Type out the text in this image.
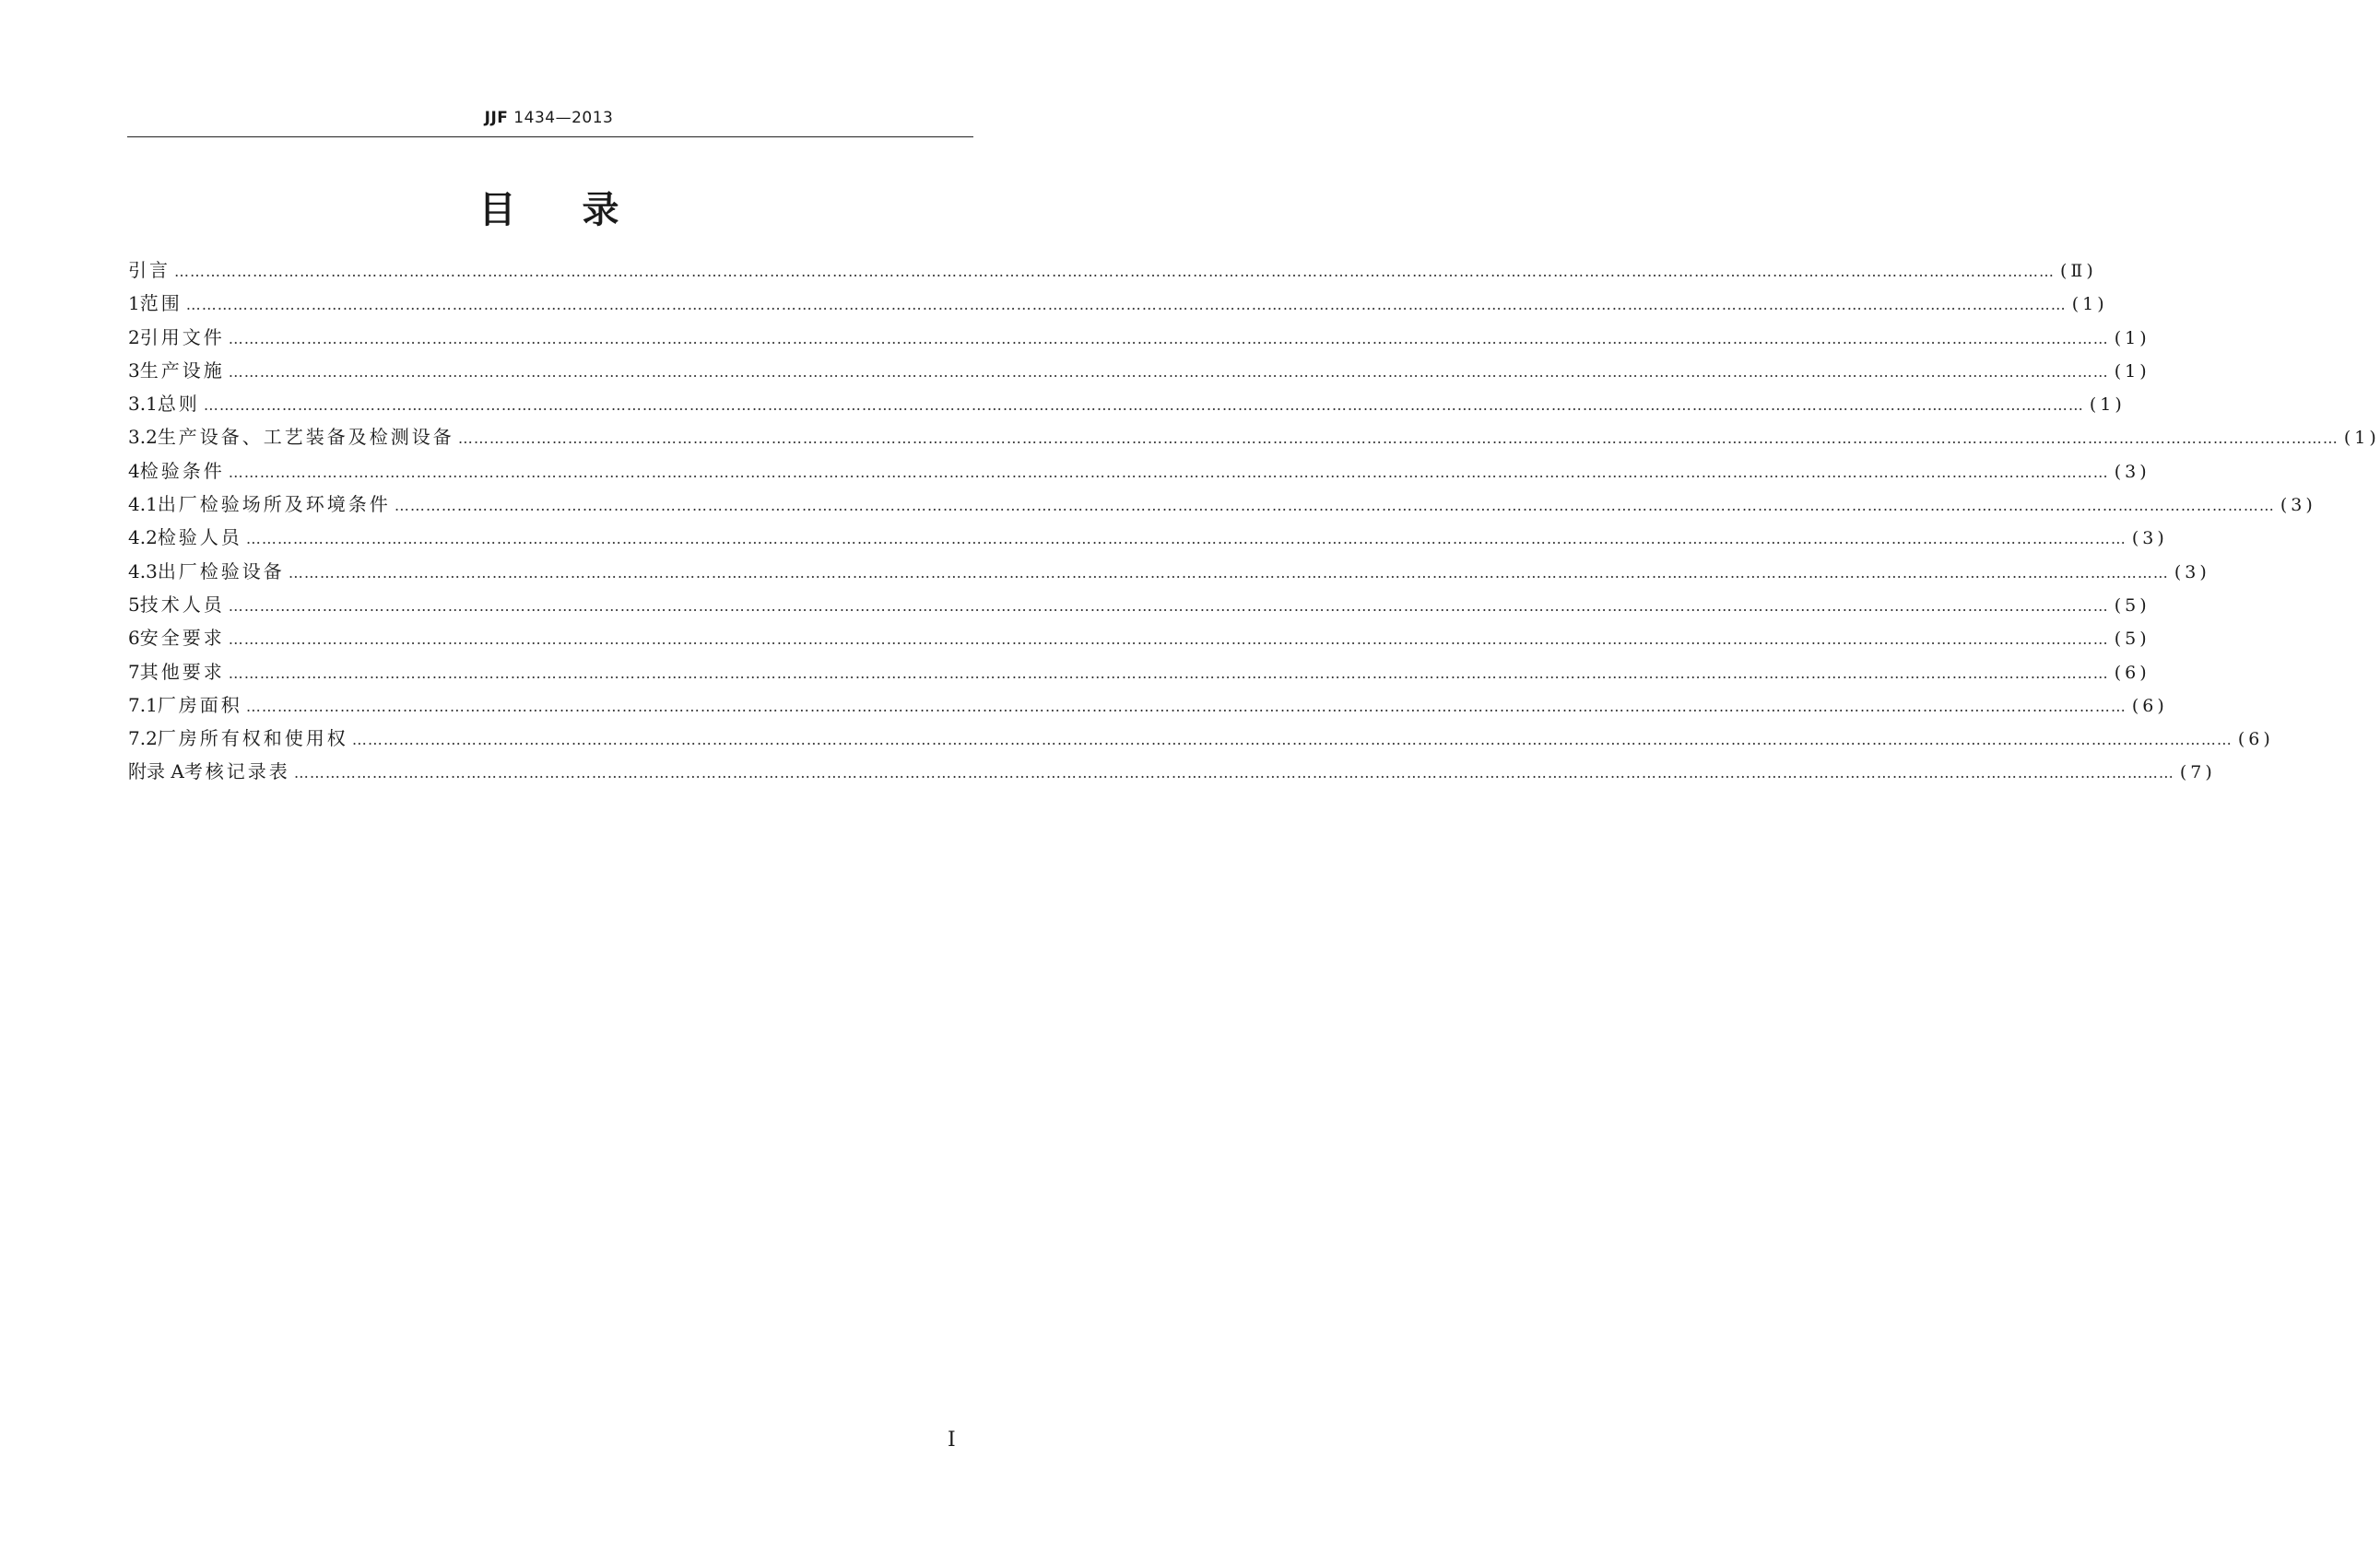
JJF 1434—2013
目录
引言 ……………………………………………………………………………………………………………………………………………………………………………………………………………………………………………………………………………………………………………………………… (Ⅱ)
1 范围 ……………………………………………………………………………………………………………………………………………………………………………………………………………………………………………………………………………………………………………………………… (1)
2 引用文件 ……………………………………………………………………………………………………………………………………………………………………………………………………………………………………………………………………………………………………………………………… (1)
3 生产设施 ……………………………………………………………………………………………………………………………………………………………………………………………………………………………………………………………………………………………………………………………… (1)
3.1 总则 ……………………………………………………………………………………………………………………………………………………………………………………………………………………………………………………………………………………………………………………………… (1)
3.2 生产设备、工艺装备及检测设备 ……………………………………………………………………………………………………………………………………………………………………………………………………………………………………………………………………………………………………………………………… (1)
4 检验条件 ……………………………………………………………………………………………………………………………………………………………………………………………………………………………………………………………………………………………………………………………… (3)
4.1 出厂检验场所及环境条件 ……………………………………………………………………………………………………………………………………………………………………………………………………………………………………………………………………………………………………………………………… (3)
4.2 检验人员 ……………………………………………………………………………………………………………………………………………………………………………………………………………………………………………………………………………………………………………………………… (3)
4.3 出厂检验设备 ……………………………………………………………………………………………………………………………………………………………………………………………………………………………………………………………………………………………………………………………… (3)
5 技术人员 ……………………………………………………………………………………………………………………………………………………………………………………………………………………………………………………………………………………………………………………………… (5)
6 安全要求 ……………………………………………………………………………………………………………………………………………………………………………………………………………………………………………………………………………………………………………………………… (5)
7 其他要求 ……………………………………………………………………………………………………………………………………………………………………………………………………………………………………………………………………………………………………………………………… (6)
7.1 厂房面积 ……………………………………………………………………………………………………………………………………………………………………………………………………………………………………………………………………………………………………………………………… (6)
7.2 厂房所有权和使用权 ……………………………………………………………………………………………………………………………………………………………………………………………………………………………………………………………………………………………………………………………… (6)
附录 A 考核记录表 ……………………………………………………………………………………………………………………………………………………………………………………………………………………………………………………………………………………………………………………………… (7)
Ⅰ
